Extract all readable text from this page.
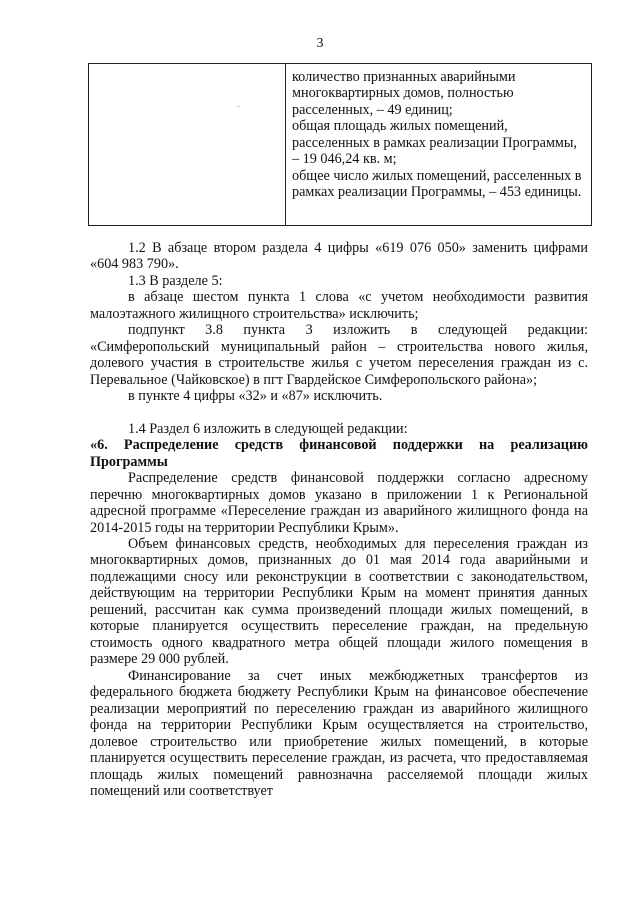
3
-

количество признанных аварийными многоквартирных домов, полностью расселенных, – 49 единиц;

общая площадь жилых помещений, расселенных в рамках реализации Программы, – 19 046,24 кв. м;

общее число жилых помещений, расселенных в рамках реализации Программы, – 453 единицы.

1.2 В абзаце втором раздела 4 цифры «619 076 050» заменить цифрами «604 983 790».

1.3 В разделе 5:

в абзаце шестом пункта 1 слова «с учетом необходимости развития малоэтажного жилищного строительства» исключить;

подпункт 3.8 пункта 3 изложить в следующей редакции: «Симферопольский муниципальный район – строительства нового жилья, долевого участия в строительстве жилья с учетом переселения граждан из с. Перевальное (Чайковское) в пгт Гвардейское Симферопольского района»;

в пункте 4 цифры «32» и «87» исключить.

1.4 Раздел 6 изложить в следующей редакции:

«6. Распределение средств финансовой поддержки на реализацию Программы

Распределение средств финансовой поддержки согласно адресному перечню многоквартирных домов указано в приложении 1 к Региональной адресной программе «Переселение граждан из аварийного жилищного фонда на 2014-2015 годы на территории Республики Крым».

Объем финансовых средств, необходимых для переселения граждан из многоквартирных домов, признанных до 01 мая 2014 года аварийными и подлежащими сносу или реконструкции в соответствии с законодательством, действующим на территории Республики Крым на момент принятия данных решений, рассчитан как сумма произведений площади жилых помещений, в которые планируется осуществить переселение граждан, на предельную стоимость одного квадратного метра общей площади жилого помещения в размере 29 000 рублей.

Финансирование за счет иных межбюджетных трансфертов из федерального бюджета бюджету Республики Крым на финансовое обеспечение реализации мероприятий по переселению граждан из аварийного жилищного фонда на территории Республики Крым осуществляется на строительство, долевое строительство или приобретение жилых помещений, в которые планируется осуществить переселение граждан, из расчета, что предоставляемая площадь жилых помещений равнозначна расселяемой площади жилых помещений или соответствует
